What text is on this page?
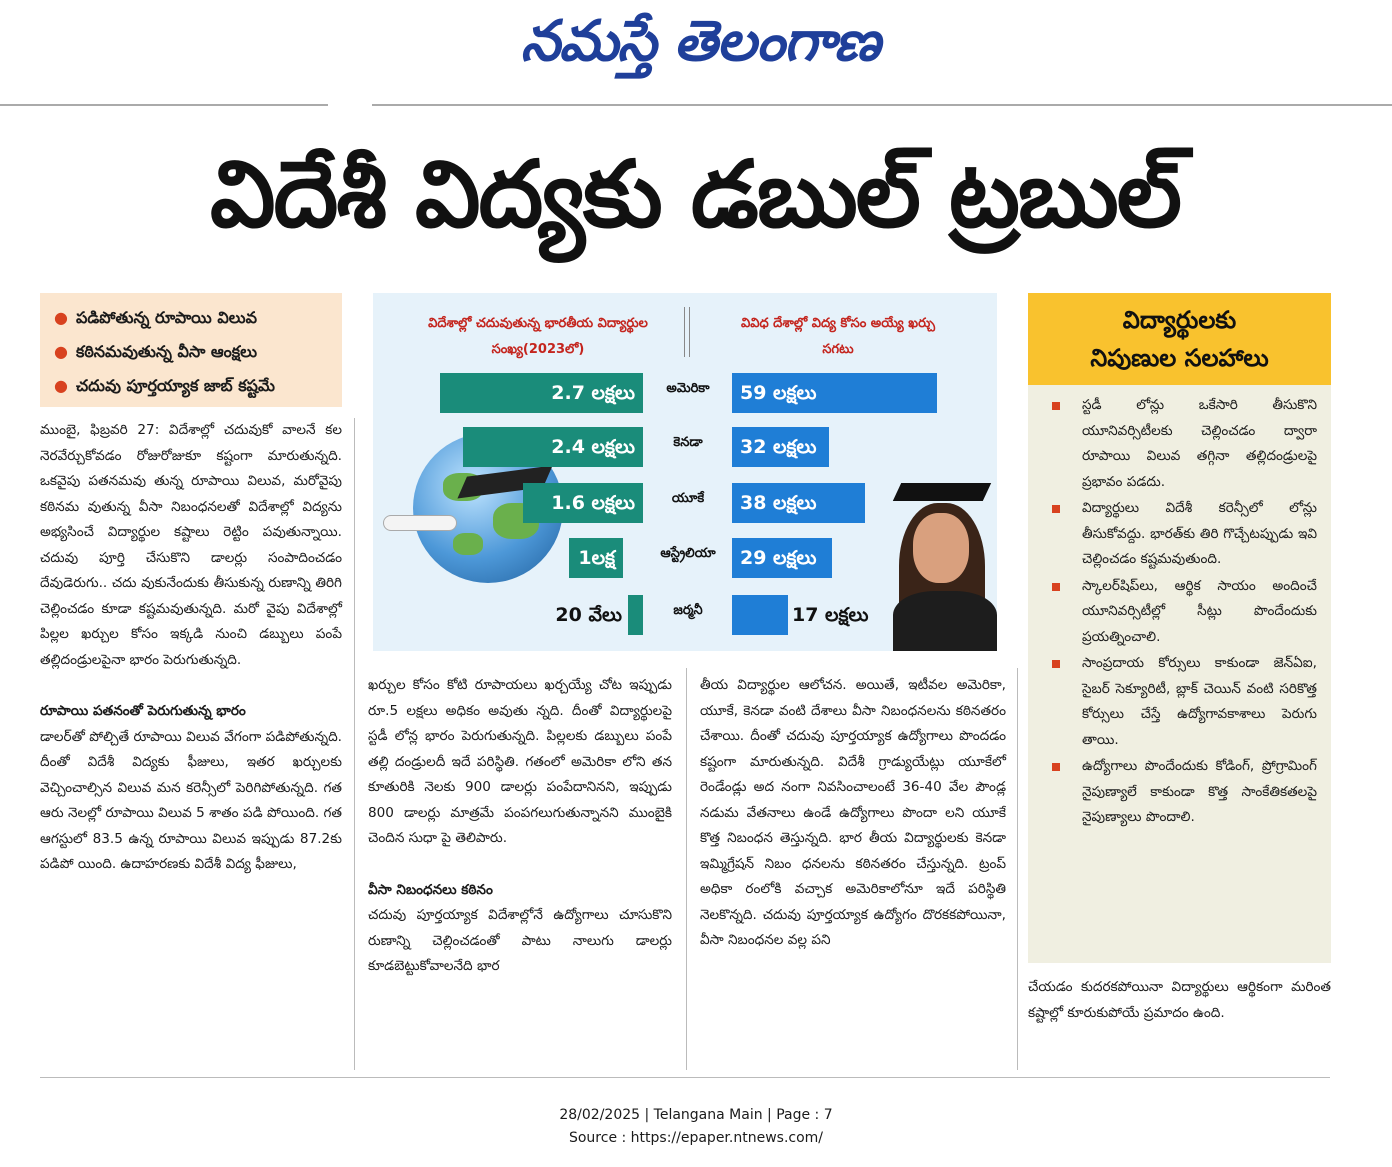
నమస్తే తెలంగాణ
విదేశీ విద్యకు డబుల్ ట్రబుల్
● పడిపోతున్న రూపాయి విలువ
● కఠినమవుతున్న వీసా ఆంక్షలు
● చదువు పూర్తయ్యాక జాబ్ కష్టమే

ముంబై, ఫిబ్రవరి 27: విదేశాల్లో చదువుకో వాలనే కల నెరవేర్చుకోవడం రోజురోజుకూ కష్టంగా మారుతున్నది. ఒకవైపు పతనమవు తున్న రూపాయి విలువ, మరోవైపు కఠినమ వుతున్న వీసా నిబంధనలతో విదేశాల్లో విద్యను అభ్యసించే విద్యార్థుల కష్టాలు రెట్టిం పవుతున్నాయి. చదువు పూర్తి చేసుకొని డాలర్లు సంపాదించడం దేవుడెరుగు.. చదు వుకునేందుకు తీసుకున్న రుణాన్ని తిరిగి చెల్లించడం కూడా కష్టమవుతున్నది. మరో వైపు విదేశాల్లో పిల్లల ఖర్చుల కోసం ఇక్కడి నుంచి డబ్బులు పంపే తల్లిదండ్రులపైనా భారం పెరుగుతున్నది.

రూపాయి పతనంతో పెరుగుతున్న భారం

డాలర్‌తో పోల్చితే రూపాయి విలువ వేగంగా పడిపోతున్నది. దీంతో విదేశీ విద్యకు ఫీజులు, ఇతర ఖర్చులకు వెచ్చించాల్సిన విలువ మన కరెన్సీలో పెరిగిపోతున్నది. గత ఆరు నెలల్లో రూపాయి విలువ 5 శాతం పడి పోయింది. గత ఆగస్టులో 83.5 ఉన్న రూపాయి విలువ ఇప్పుడు 87.2కు పడిపో యింది. ఉదాహరణకు విదేశీ విద్య ఫీజులు,

విదేశాల్లో చదువుతున్న భారతీయ విద్యార్థుల సంఖ్య(2023లో)
వివిధ దేశాల్లో విద్య కోసం అయ్యే ఖర్చు సగటు
2.7 లక్షలు	అమెరికా	59 లక్షలు
2.4 లక్షలు	కెనడా	32 లక్షలు
1.6 లక్షలు	యూకే	38 లక్షలు
1లక్ష	ఆస్ట్రేలియా	29 లక్షలు
20 వేలు	జర్మనీ	17 లక్షలు

ఖర్చుల కోసం కోటి రూపాయలు ఖర్చయ్యే చోట ఇప్పుడు రూ.5 లక్షలు అధికం అవుతు న్నది. దీంతో విద్యార్థులపై స్టడీ లోన్ల భారం పెరుగుతున్నది. పిల్లలకు డబ్బులు పంపే తల్లి దండ్రులదీ ఇదే పరిస్థితి. గతంలో అమెరికా లోని తన కూతురికి నెలకు 900 డాలర్లు పంపేదానినని, ఇప్పుడు 800 డాలర్లు మాత్రమే పంపగలుగుతున్నానని ముంబైకి చెందిన సుధా పై తెలిపారు.

వీసా నిబంధనలు కఠినం

చదువు పూర్తయ్యాక విదేశాల్లోనే ఉద్యోగాలు చూసుకొని రుణాన్ని చెల్లించడంతో పాటు నాలుగు డాలర్లు కూడబెట్టుకోవాలనేది భార

తీయ విద్యార్థుల ఆలోచన. అయితే, ఇటీవల అమెరికా, యూకే, కెనడా వంటి దేశాలు వీసా నిబంధనలను కఠినతరం చేశాయి. దీంతో చదువు పూర్తయ్యాక ఉద్యోగాలు పొందడం కష్టంగా మారుతున్నది. విదేశీ గ్రాడ్యుయేట్లు యూకేలో రెండేండ్లు అద నంగా నివసించాలంటే 36-40 వేల పౌండ్ల నడుమ వేతనాలు ఉండే ఉద్యోగాలు పొందా లని యూకే కొత్త నిబంధన తెస్తున్నది. భార తీయ విద్యార్థులకు కెనడా ఇమ్మిగ్రేషన్ నిబం ధనలను కఠినతరం చేస్తున్నది. ట్రంప్ అధికా రంలోకి వచ్చాక అమెరికాలోనూ ఇదే పరిస్థితి నెలకొన్నది. చదువు పూర్తయ్యాక ఉద్యోగం దొరకకపోయినా, వీసా నిబంధనల వల్ల పని

విద్యార్థులకు
నిపుణుల సలహాలు
స్టడీ లోన్లు ఒకేసారి తీసుకొని యూనివర్సిటీలకు చెల్లించడం ద్వారా రూపాయి విలువ తగ్గినా తల్లిదండ్రులపై ప్రభావం పడదు.
విద్యార్థులు విదేశీ కరెన్సీలో లోన్లు తీసుకోవద్దు. భారత్‌కు తిరి గొచ్చేటప్పుడు ఇవి చెల్లించడం కష్టమవుతుంది.
స్కాలర్‌షిప్‌లు, ఆర్థిక సాయం అందించే యూనివర్సిటీల్లో సీట్లు పొందేందుకు ప్రయత్నించాలి.
సాంప్రదాయ కోర్సులు కాకుండా జెన్ఏఐ, సైబర్ సెక్యూరిటీ, బ్లాక్ చెయిన్ వంటి సరికొత్త కోర్సులు చేస్తే ఉద్యోగావకాశాలు పెరుగు తాయి.
ఉద్యోగాలు పొందేందుకు కోడింగ్, ప్రోగ్రామింగ్ నైపుణ్యాలే కాకుండా కొత్త సాంకేతికతలపై నైపుణ్యాలు పొందాలి.

చేయడం కుదరకపోయినా విద్యార్థులు ఆర్థికంగా మరింత కష్టాల్లో కూరుకుపోయే ప్రమాదం ఉంది.

28/02/2025 | Telangana Main | Page : 7
Source : https://epaper.ntnews.com/
